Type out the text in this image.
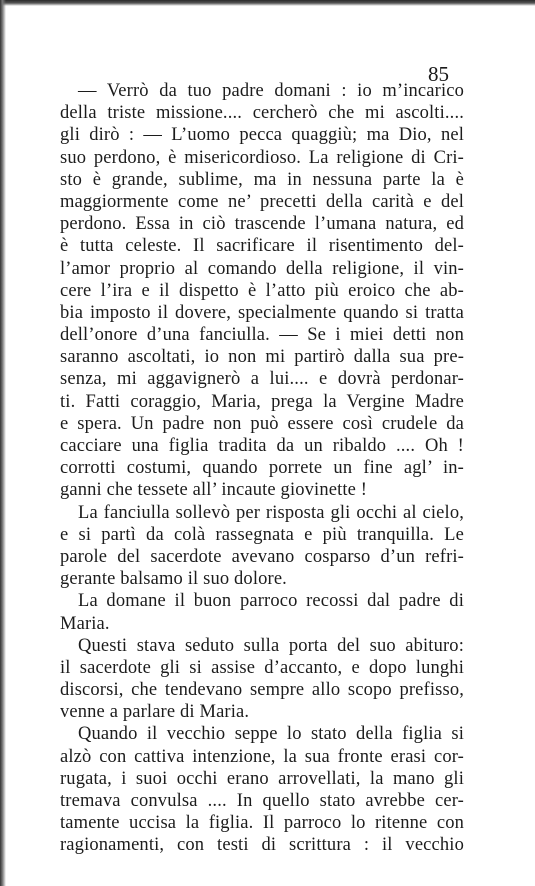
85
— Verrò da tuo padre domani : io m’incarico
della triste missione.... cercherò che mi ascolti....
gli dirò : — L’uomo pecca quaggiù; ma Dio, nel
suo perdono, è misericordioso. La religione di Cri-
sto è grande, sublime, ma in nessuna parte la è
maggiormente come ne’ precetti della carità e del
perdono. Essa in ciò trascende l’umana natura, ed
è tutta celeste. Il sacrificare il risentimento del-
l’amor proprio al comando della religione, il vin-
cere l’ira e il dispetto è l’atto più eroico che ab-
bia imposto il dovere, specialmente quando si tratta
dell’onore d’una fanciulla. — Se i miei detti non
saranno ascoltati, io non mi partirò dalla sua pre-
senza, mi aggavignerò a lui.... e dovrà perdonar-
ti. Fatti coraggio, Maria, prega la Vergine Madre
e spera. Un padre non può essere così crudele da
cacciare una figlia tradita da un ribaldo .... Oh !
corrotti costumi, quando porrete un fine agl’ in-
ganni che tessete all’ incaute giovinette !
La fanciulla sollevò per risposta gli occhi al cielo,
e si partì da colà rassegnata e più tranquilla. Le
parole del sacerdote avevano cosparso d’un refri-
gerante balsamo il suo dolore.
La domane il buon parroco recossi dal padre di
Maria.
Questi stava seduto sulla porta del suo abituro:
il sacerdote gli si assise d’accanto, e dopo lunghi
discorsi, che tendevano sempre allo scopo prefisso,
venne a parlare di Maria.
Quando il vecchio seppe lo stato della figlia si
alzò con cattiva intenzione, la sua fronte erasi cor-
rugata, i suoi occhi erano arrovellati, la mano gli
tremava convulsa .... In quello stato avrebbe cer-
tamente uccisa la figlia. Il parroco lo ritenne con
ragionamenti, con testi di scrittura : il vecchio
